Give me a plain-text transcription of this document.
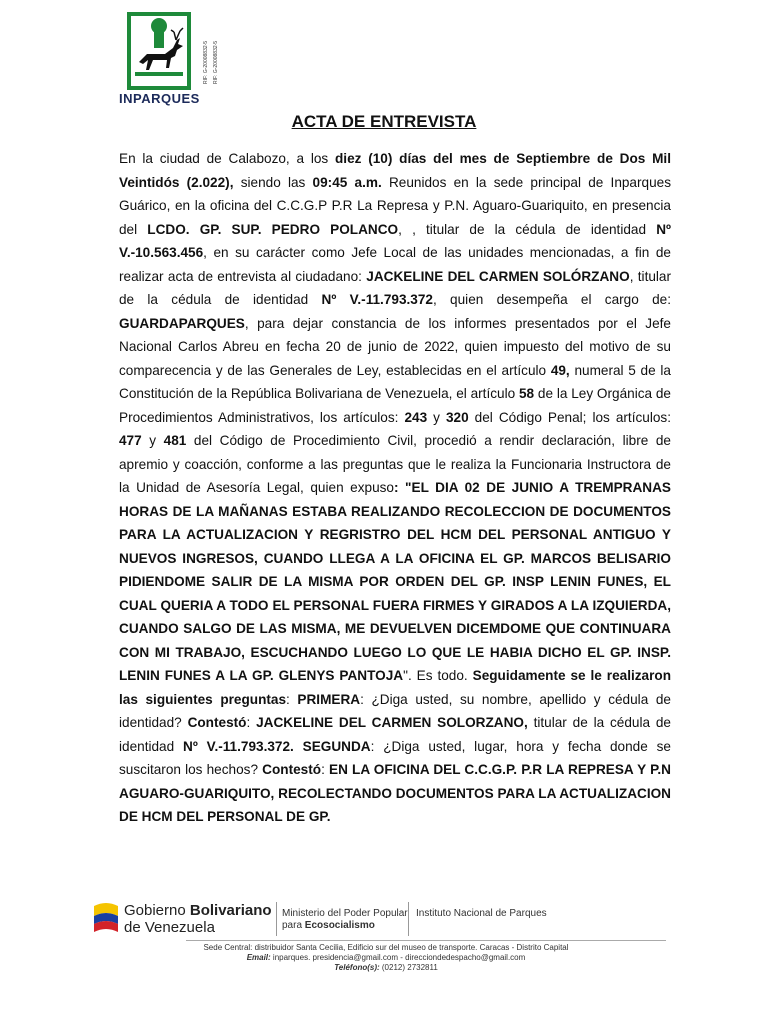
RIF: G-20008832-5 RIF: G-20008832-5
INPARQUES
ACTA DE ENTREVISTA
En la ciudad de Calabozo, a los diez (10) días del mes de Septiembre de Dos Mil Veintidós (2.022), siendo las 09:45 a.m. Reunidos en la sede principal de Inparques Guárico, en la oficina del C.C.G.P P.R La Represa y P.N. Aguaro-Guariquito, en presencia del LCDO. GP. SUP. PEDRO POLANCO, , titular de la cédula de identidad Nº V.-10.563.456, en su carácter como Jefe Local de las unidades mencionadas, a fin de realizar acta de entrevista al ciudadano: JACKELINE DEL CARMEN SOLÓRZANO, titular de la cédula de identidad Nº V.-11.793.372, quien desempeña el cargo de: GUARDAPARQUES, para dejar constancia de los informes presentados por el Jefe Nacional Carlos Abreu en fecha 20 de junio de 2022, quien impuesto del motivo de su comparecencia y de las Generales de Ley, establecidas en el artículo 49, numeral 5 de la Constitución de la República Bolivariana de Venezuela, el artículo 58 de la Ley Orgánica de Procedimientos Administrativos, los artículos: 243 y 320 del Código Penal; los artículos: 477 y 481 del Código de Procedimiento Civil, procedió a rendir declaración, libre de apremio y coacción, conforme a las preguntas que le realiza la Funcionaria Instructora de la Unidad de Asesoría Legal, quien expuso: "EL DIA 02 DE JUNIO A TREMPRANAS HORAS DE LA MAÑANAS ESTABA REALIZANDO RECOLECCION DE DOCUMENTOS PARA LA ACTUALIZACION Y REGRISTRO DEL HCM DEL PERSONAL ANTIGUO Y NUEVOS INGRESOS, CUANDO LLEGA A LA OFICINA EL GP. MARCOS BELISARIO PIDIENDOME SALIR DE LA MISMA POR ORDEN DEL GP. INSP LENIN FUNES, EL CUAL QUERIA A TODO EL PERSONAL FUERA FIRMES Y GIRADOS A LA IZQUIERDA, CUANDO SALGO DE LAS MISMA, ME DEVUELVEN DICEMDOME QUE CONTINUARA CON MI TRABAJO, ESCUCHANDO LUEGO LO QUE LE HABIA DICHO EL GP. INSP. LENIN FUNES A LA GP. GLENYS PANTOJA". Es todo. Seguidamente se le realizaron las siguientes preguntas: PRIMERA: ¿Diga usted, su nombre, apellido y cédula de identidad? Contestó: JACKELINE DEL CARMEN SOLORZANO, titular de la cédula de identidad Nº V.-11.793.372. SEGUNDA: ¿Diga usted, lugar, hora y fecha donde se suscitaron los hechos? Contestó: EN LA OFICINA DEL C.C.G.P. P.R LA REPRESA Y P.N AGUARO-GUARIQUITO, RECOLECTANDO DOCUMENTOS PARA LA ACTUALIZACION DE HCM DEL PERSONAL DE GP.
Gobierno Bolivariano
de Venezuela
Ministerio del Poder Popular
para Ecosocialismo
Instituto Nacional de Parques
Sede Central: distribuidor Santa Cecilia, Edificio sur del museo de transporte. Caracas - Distrito Capital
Email: inparques. presidencia@gmail.com - direcciondedespacho@gmail.com
Teléfono(s): (0212) 2732811
